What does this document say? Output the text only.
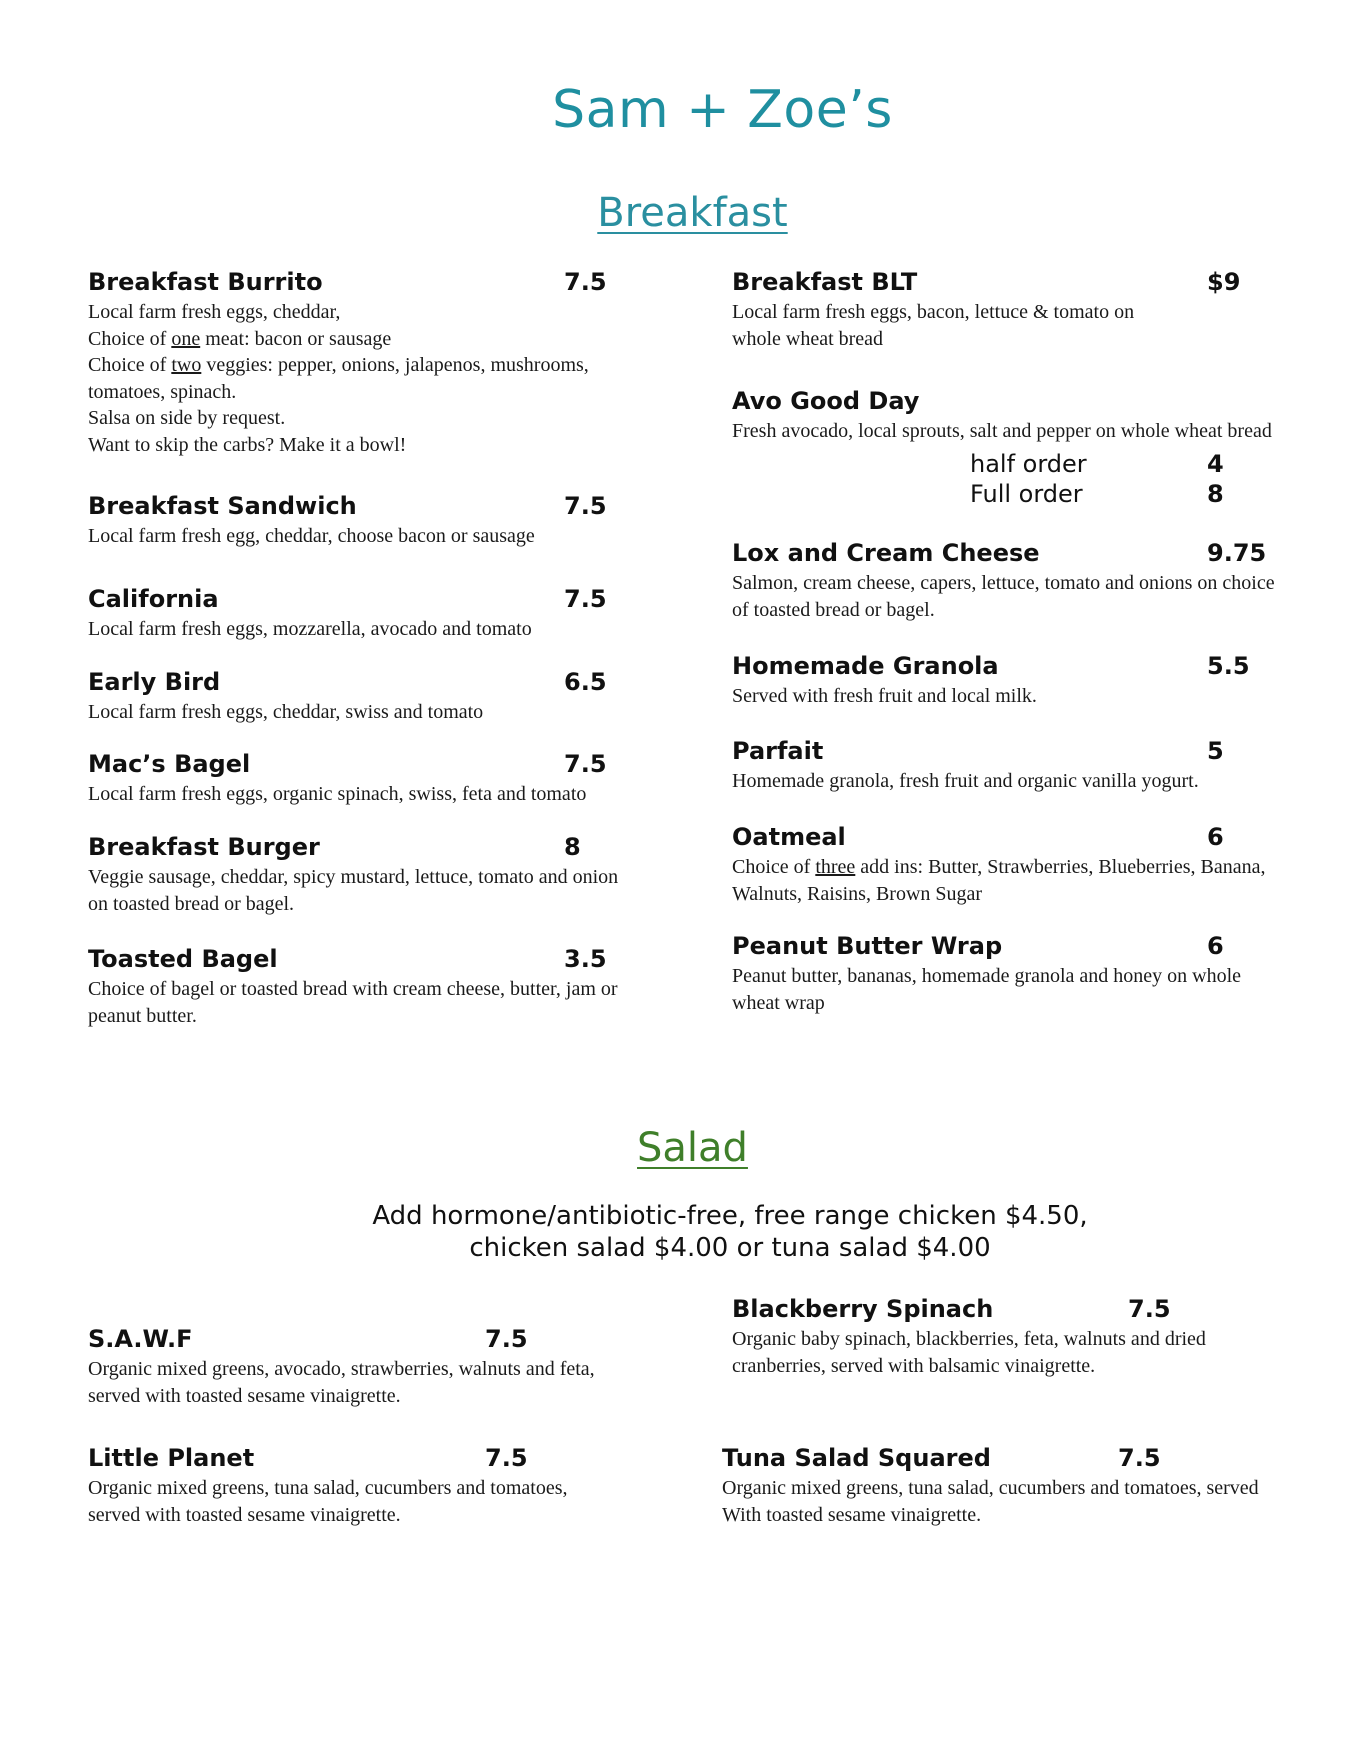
Sam + Zoe’s
Breakfast
Breakfast Burrito	7.5
Local farm fresh eggs, cheddar,
Choice of one meat: bacon or sausage
Choice of two veggies: pepper, onions, jalapenos, mushrooms,
tomatoes, spinach.
Salsa on side by request.
Want to skip the carbs? Make it a bowl!
Breakfast Sandwich	7.5
Local farm fresh egg, cheddar, choose bacon or sausage
California	7.5
Local farm fresh eggs, mozzarella, avocado and tomato
Early Bird	6.5
Local farm fresh eggs, cheddar, swiss and tomato
Mac’s Bagel	7.5
Local farm fresh eggs, organic spinach, swiss, feta and tomato
Breakfast Burger	8
Veggie sausage, cheddar, spicy mustard, lettuce, tomato and onion
on toasted bread or bagel.
Toasted Bagel	3.5
Choice of bagel or toasted bread with cream cheese, butter, jam or
peanut butter.
Breakfast BLT	$9
Local farm fresh eggs, bacon, lettuce & tomato on
whole wheat bread
Avo Good Day
Fresh avocado, local sprouts, salt and pepper on whole wheat bread
half order	4
Full order	8
Lox and Cream Cheese	9.75
Salmon, cream cheese, capers, lettuce, tomato and onions on choice
of toasted bread or bagel.
Homemade Granola	5.5
Served with fresh fruit and local milk.
Parfait	5
Homemade granola, fresh fruit and organic vanilla yogurt.
Oatmeal	6
Choice of three add ins: Butter, Strawberries, Blueberries, Banana,
Walnuts, Raisins, Brown Sugar
Peanut Butter Wrap	6
Peanut butter, bananas, homemade granola and honey on whole
wheat wrap
S.A.W.F	7.5
Organic mixed greens, avocado, strawberries, walnuts and feta,
served with toasted sesame vinaigrette.
Little Planet	7.5
Organic mixed greens, tuna salad, cucumbers and tomatoes,
served with toasted sesame vinaigrette.
Blackberry Spinach	7.5
Organic baby spinach, blackberries, feta, walnuts and dried
cranberries, served with balsamic vinaigrette.
Tuna Salad Squared	7.5
Organic mixed greens, tuna salad, cucumbers and tomatoes, served
With toasted sesame vinaigrette.
Salad
Add hormone/antibiotic-free, free range chicken $4.50,
chicken salad $4.00 or tuna salad $4.00
